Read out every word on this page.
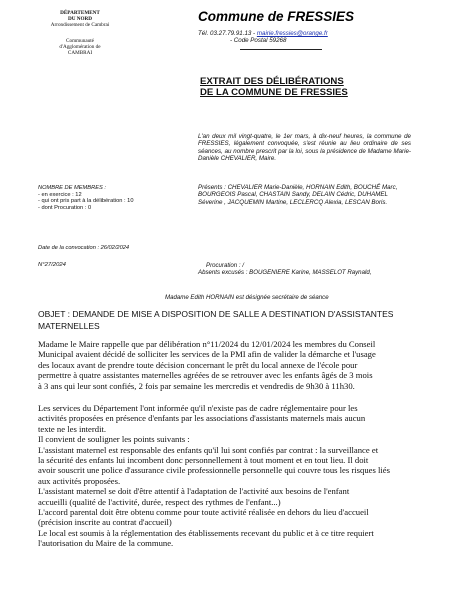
DÉPARTEMENT
DU NORD
Arrondissement de Cambrai
Communauté
d'Agglomération de
CAMBRAI
Commune de FRESSIES
Tél. 03.27.79.91.13 - mairie.fressies@orange.fr
- Code Postal 59268
EXTRAIT DES DÉLIBÉRATIONS
DE LA COMMUNE DE FRESSIES
L'an deux mil vingt-quatre, le 1er mars, à dix-neuf heures, la commune de FRESSIES, légalement convoquée, s'est réunie au lieu ordinaire de ses séances, au nombre prescrit par la loi, sous la présidence de Madame Marie-Danièle CHEVALIER, Maire.
NOMBRE DE MEMBRES :
- en exercice : 12
- qui ont pris part à la délibération : 10
- dont Procuration : 0
Date de la convocation : 26/02/2024
N°27/2024
Présents : CHEVALIER Marie-Danièle, HORNAIN Edith, BOUCHÉ Marc, BOURGEOIS Pascal, CHASTAIN Sandy, DELAIN Cédric, DUHAMEL Séverine , JACQUEMIN Martine, LECLERCQ Alexia, LESCAN Boris.
Procuration : /
Absents excusés : BOUGENIERE Karine, MASSELOT Raynald,
Madame Edith HORNAIN est désignée secrétaire de séance
OBJET : DEMANDE DE MISE A DISPOSITION DE SALLE A DESTINATION D'ASSISTANTES MATERNELLES
Madame le Maire rappelle que par délibération n°11/2024 du 12/01/2024 les membres du Conseil
Municipal avaient décidé de solliciter les services de la PMI afin de valider la démarche et l'usage
des locaux avant de prendre toute décision concernant le prêt du local annexe de l'école pour
permettre à quatre assistantes maternelles agréées de se retrouver avec les enfants âgés de 3 mois
à 3 ans qui leur sont confiés, 2 fois par semaine les mercredis et vendredis de 9h30 à 11h30.
Les services du Département l'ont informée qu'il n'existe pas de cadre réglementaire pour les
activités proposées en présence d'enfants par les associations d'assistants maternels mais aucun
texte ne les interdit.
Il convient de souligner les points suivants :
L'assistant maternel est responsable des enfants qu'il lui sont confiés par contrat : la surveillance et
la sécurité des enfants lui incombent donc personnellement à tout moment et en tout lieu. Il doit
avoir souscrit une police d'assurance civile professionnelle personnelle qui couvre tous les risques liés
aux activités proposées.
L'assistant maternel se doit d'être attentif à l'adaptation de l'activité aux besoins de l'enfant
accueilli (qualité de l'activité, durée, respect des rythmes de l'enfant...)
L'accord parental doit être obtenu comme pour toute activité réalisée en dehors du lieu d'accueil
(précision inscrite au contrat d'accueil)
Le local est soumis à la réglementation des établissements recevant du public et à ce titre requiert
l'autorisation du Maire de la commune.
